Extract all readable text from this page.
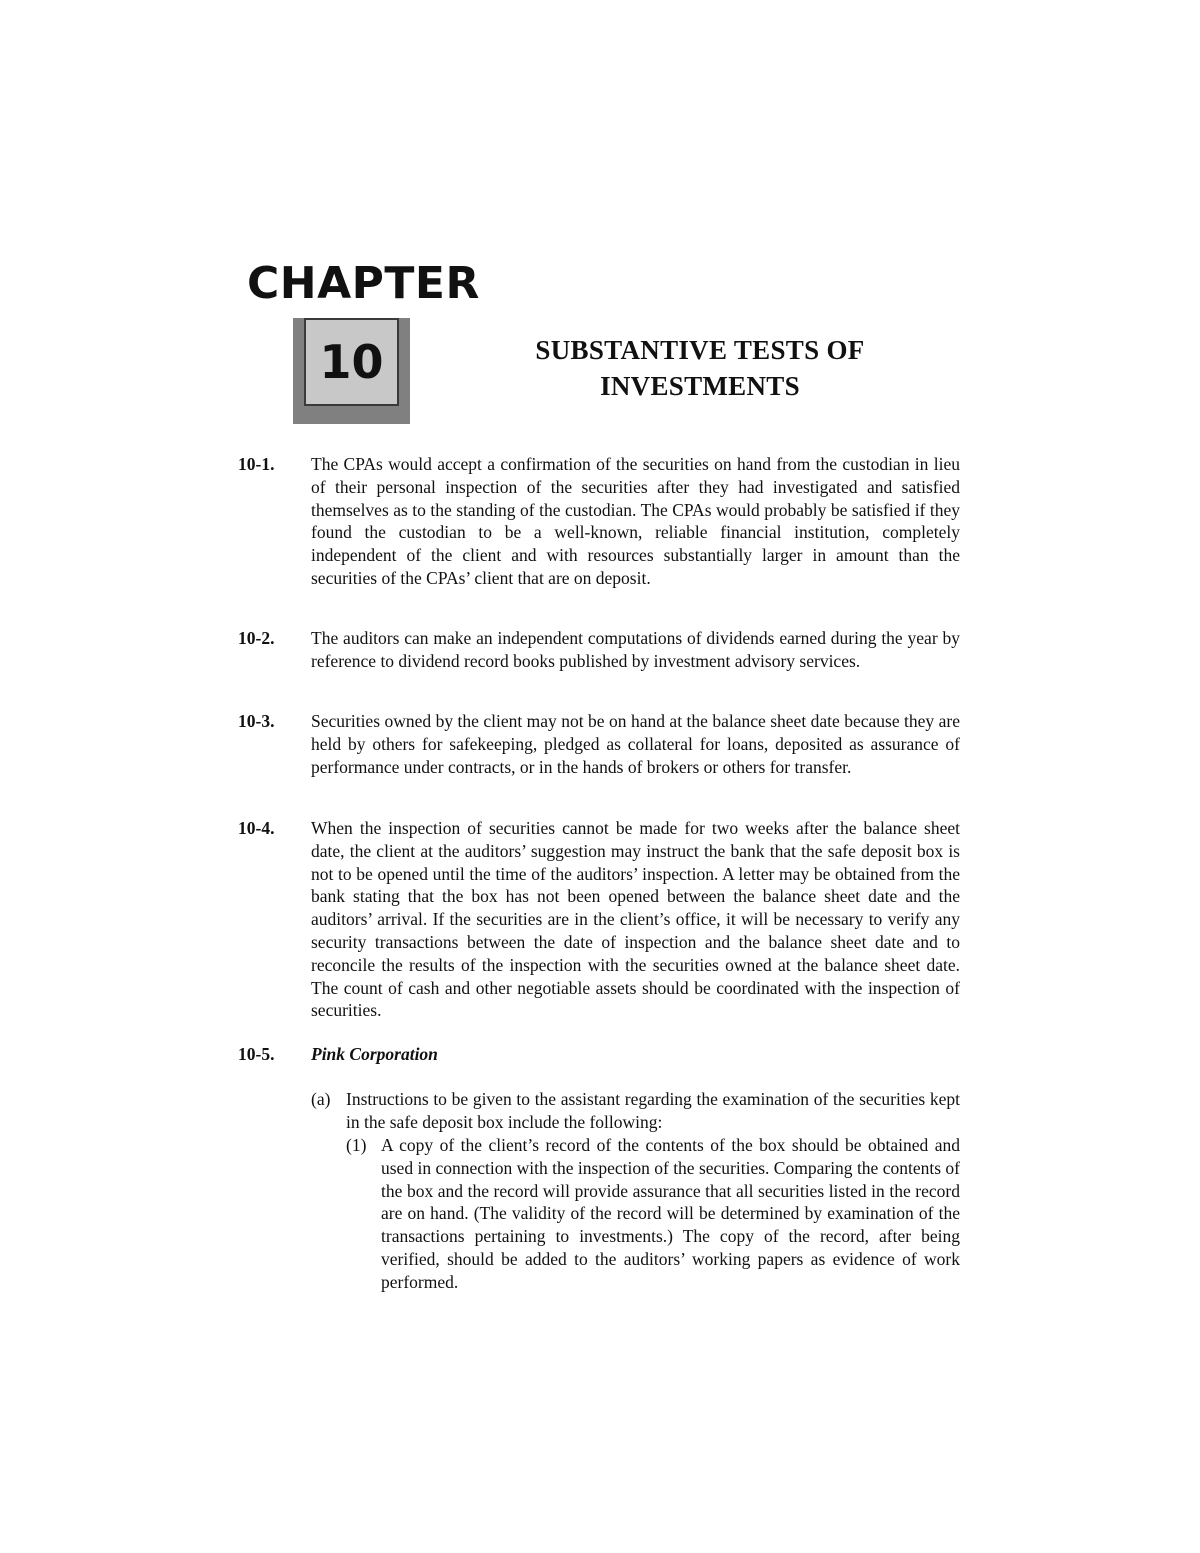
CHAPTER
10	SUBSTANTIVE TESTS OF
INVESTMENTS
10-1. The CPAs would accept a confirmation of the securities on hand from the custodian in lieu of their personal inspection of the securities after they had investigated and satisfied themselves as to the standing of the custodian. The CPAs would probably be satisfied if they found the custodian to be a well-known, reliable financial institution, completely independent of the client and with resources substantially larger in amount than the securities of the CPAs’ client that are on deposit.
10-2. The auditors can make an independent computations of dividends earned during the year by reference to dividend record books published by investment advisory services.
10-3. Securities owned by the client may not be on hand at the balance sheet date because they are held by others for safekeeping, pledged as collateral for loans, deposited as assurance of performance under contracts, or in the hands of brokers or others for transfer.
10-4. When the inspection of securities cannot be made for two weeks after the balance sheet date, the client at the auditors’ suggestion may instruct the bank that the safe deposit box is not to be opened until the time of the auditors’ inspection. A letter may be obtained from the bank stating that the box has not been opened between the balance sheet date and the auditors’ arrival. If the securities are in the client’s office, it will be necessary to verify any security transactions between the date of inspection and the balance sheet date and to reconcile the results of the inspection with the securities owned at the balance sheet date. The count of cash and other negotiable assets should be coordinated with the inspection of securities.
10-5. Pink Corporation
(a) Instructions to be given to the assistant regarding the examination of the securities kept in the safe deposit box include the following:
(1) A copy of the client’s record of the contents of the box should be obtained and used in connection with the inspection of the securities. Comparing the contents of the box and the record will provide assurance that all securities listed in the record are on hand. (The validity of the record will be determined by examination of the transactions pertaining to investments.) The copy of the record, after being verified, should be added to the auditors’ working papers as evidence of work performed.
